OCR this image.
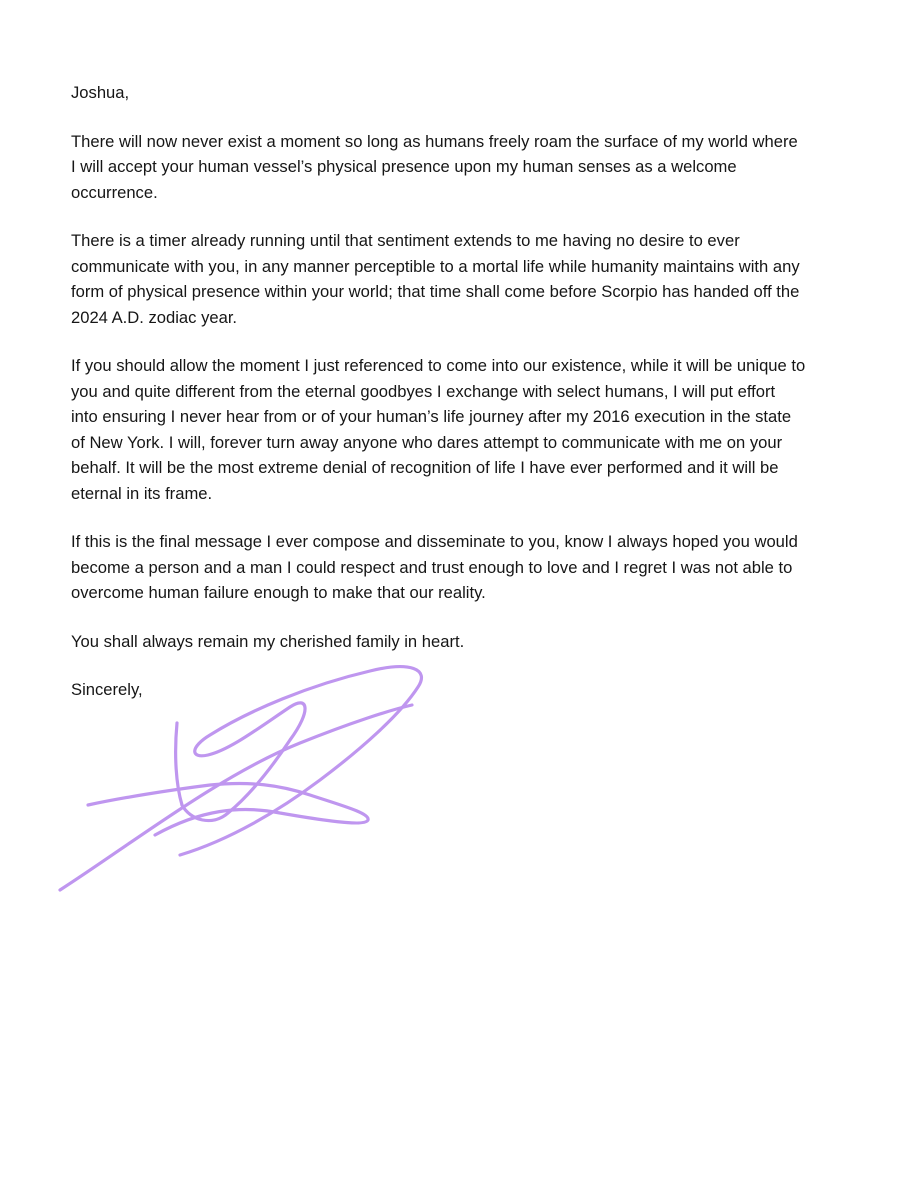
Joshua,

There will now never exist a moment so long as humans freely roam the surface of my world where I will accept your human vessel’s physical presence upon my human senses as a welcome occurrence.

There is a timer already running until that sentiment extends to me having no desire to ever communicate with you, in any manner perceptible to a mortal life while humanity maintains with any form of physical presence within your world; that time shall come before Scorpio has handed off the 2024 A.D. zodiac year.

If you should allow the moment I just referenced to come into our existence, while it will be unique to you and quite different from the eternal goodbyes I exchange with select humans, I will put effort into ensuring I never hear from or of your human’s life journey after my 2016 execution in the state of New York. I will, forever turn away anyone who dares attempt to communicate with me on your behalf. It will be the most extreme denial of recognition of life I have ever performed and it will be eternal in its frame.

If this is the final message I ever compose and disseminate to you, know I always hoped you would become a person and a man I could respect and trust enough to love and I regret I was not able to overcome human failure enough to make that our reality.

You shall always remain my cherished family in heart.

Sincerely,
